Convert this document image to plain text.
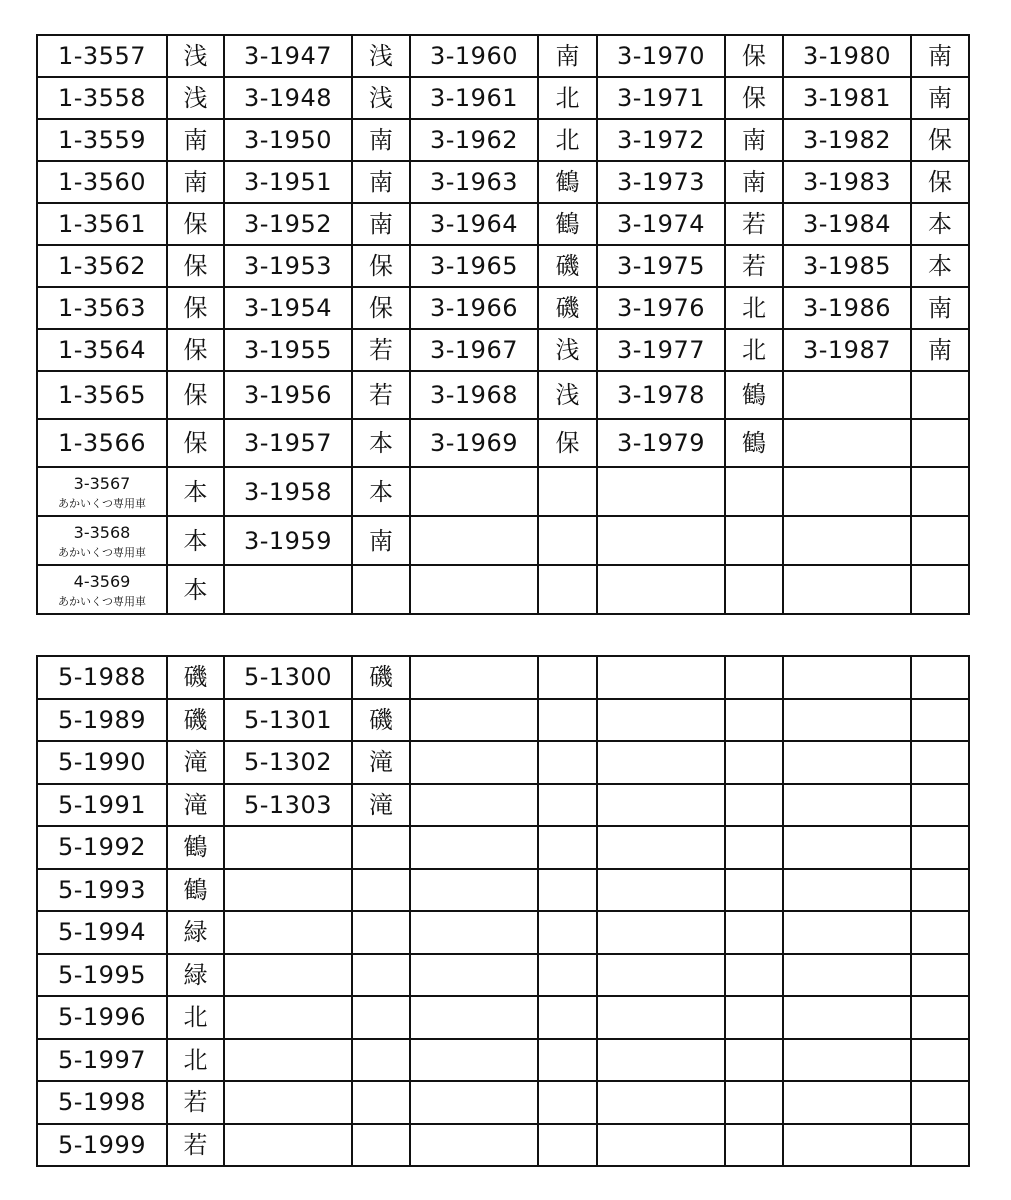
1-3557	浅	3-1947	浅	3-1960	南	3-1970	保	3-1980	南
1-3558	浅	3-1948	浅	3-1961	北	3-1971	保	3-1981	南
1-3559	南	3-1950	南	3-1962	北	3-1972	南	3-1982	保
1-3560	南	3-1951	南	3-1963	鶴	3-1973	南	3-1983	保
1-3561	保	3-1952	南	3-1964	鶴	3-1974	若	3-1984	本
1-3562	保	3-1953	保	3-1965	磯	3-1975	若	3-1985	本
1-3563	保	3-1954	保	3-1966	磯	3-1976	北	3-1986	南
1-3564	保	3-1955	若	3-1967	浅	3-1977	北	3-1987	南
1-3565	保	3-1956	若	3-1968	浅	3-1978	鶴		
1-3566	保	3-1957	本	3-1969	保	3-1979	鶴		

3-3567
あかいくつ専用車	本	3-1958	本						

3-3568
あかいくつ専用車	本	3-1959	南						

4-3569
あかいくつ専用車	本								
5-1988	磯	5-1300	磯						
5-1989	磯	5-1301	磯						
5-1990	滝	5-1302	滝						
5-1991	滝	5-1303	滝						
5-1992	鶴								
5-1993	鶴								
5-1994	緑								
5-1995	緑								
5-1996	北								
5-1997	北								
5-1998	若								
5-1999	若								
